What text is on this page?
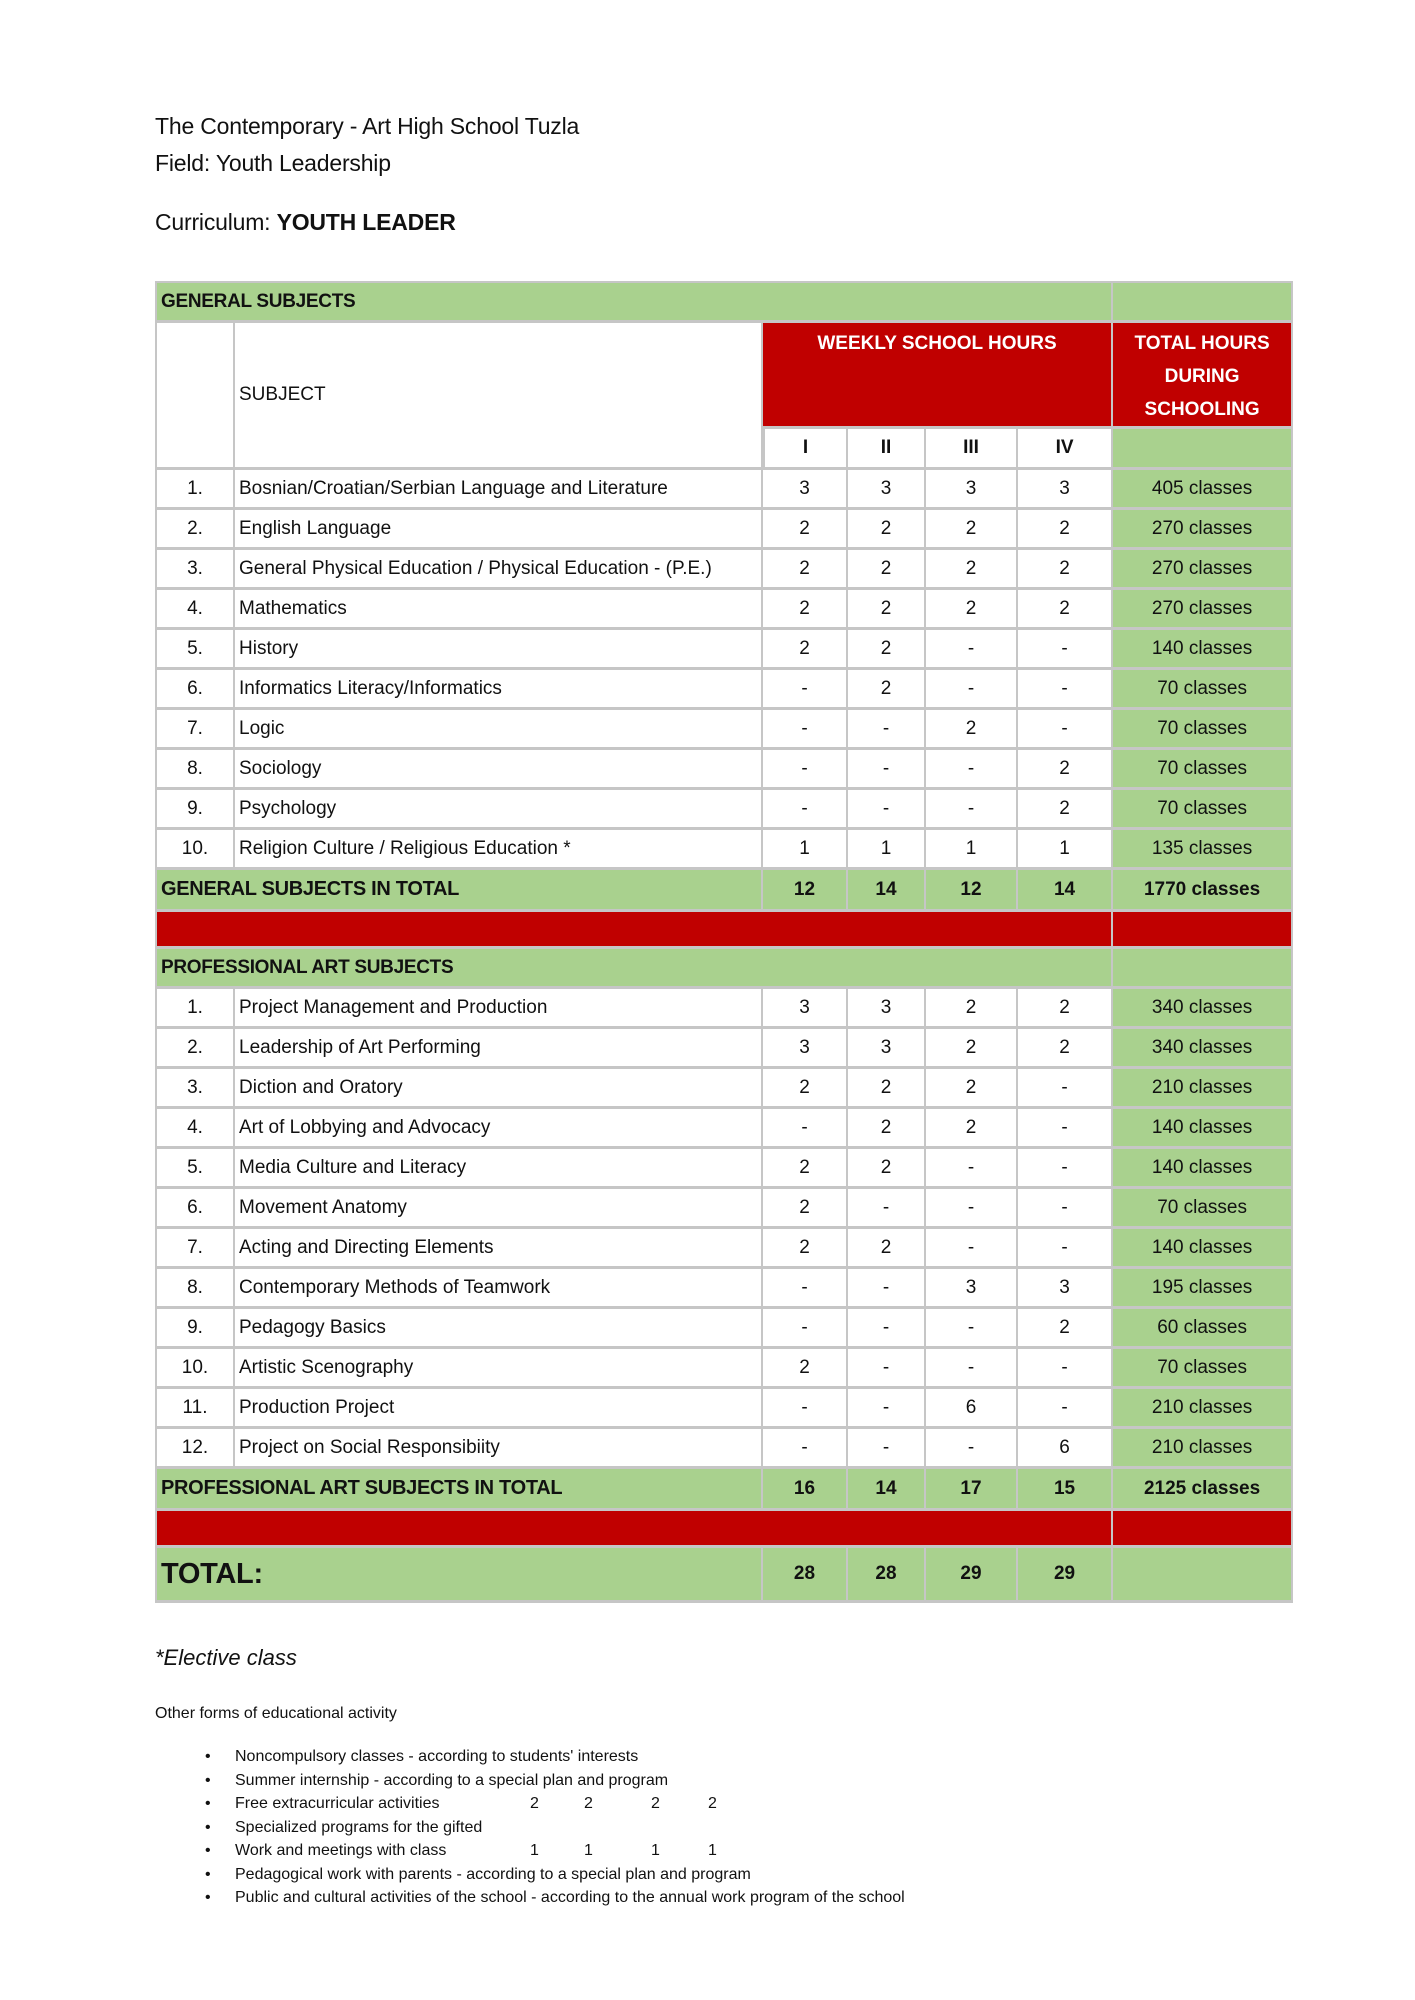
The Contemporary - Art High School Tuzla
Field: Youth Leadership
Curriculum: YOUTH LEADER
GENERAL SUBJECTS						
	SUBJECT	WEEKLY SCHOOL HOURS				TOTAL HOURS
DURING
SCHOOLING

		I	II	III	IV	
1.	Bosnian/Croatian/Serbian Language and Literature	3	3	3	3	405 classes
2.	English Language	2	2	2	2	270 classes
3.	General Physical Education / Physical Education - (P.E.)	2	2	2	2	270 classes
4.	Mathematics	2	2	2	2	270 classes
5.	History	2	2	-	-	140 classes
6.	Informatics Literacy/Informatics	-	2	-	-	70 classes
7.	Logic	-	-	2	-	70 classes
8.	Sociology	-	-	-	2	70 classes
9.	Psychology	-	-	-	2	70 classes
10.	Religion Culture / Religious Education *	1	1	1	1	135 classes
GENERAL SUBJECTS IN TOTAL		12	14	12	14	1770 classes

PROFESSIONAL ART SUBJECTS						
1.	Project Management and Production	3	3	2	2	340 classes
2.	Leadership of Art Performing	3	3	2	2	340 classes
3.	Diction and Oratory	2	2	2	-	210 classes
4.	Art of Lobbying and Advocacy	-	2	2	-	140 classes
5.	Media Culture and Literacy	2	2	-	-	140 classes
6.	Movement Anatomy	2	-	-	-	70 classes
7.	Acting and Directing Elements	2	2	-	-	140 classes
8.	Contemporary Methods of Teamwork	-	-	3	3	195 classes
9.	Pedagogy Basics	-	-	-	2	60 classes
10.	Artistic Scenography	2	-	-	-	70 classes
11.	Production Project	-	-	6	-	210 classes
12.	Project on Social Responsibiity	-	-	-	6	210 classes
PROFESSIONAL ART SUBJECTS IN TOTAL		16	14	17	15	2125 classes

TOTAL:		28	28	29	29	
*Elective class
Other forms of educational activity
• Noncompulsory classes - according to students' interests
• Summer internship - according to a special plan and program
• Free extracurricular activities	2	2	2	2
• Specialized programs for the gifted
• Work and meetings with class	1	1	1	1
• Pedagogical work with parents - according to a special plan and program
• Public and cultural activities of the school - according to the annual work program of the school
